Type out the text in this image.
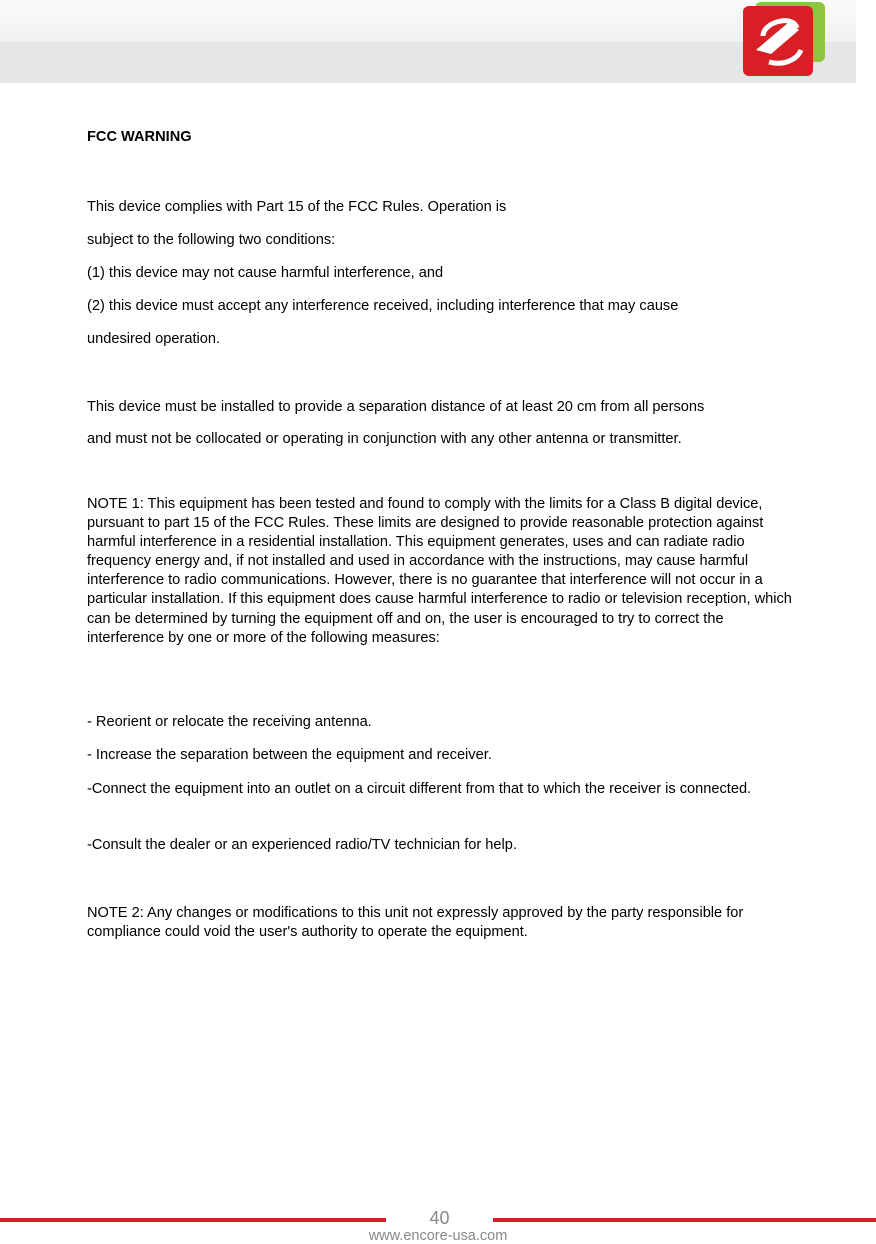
FCC WARNING

This device complies with Part 15 of the FCC Rules. Operation is

subject to the following two conditions:

(1) this device may not cause harmful interference, and

(2) this device must accept any interference received, including interference that may cause

undesired operation.

This device must be installed to provide a separation distance of at least 20 cm from all persons

and must not be collocated or operating in conjunction with any other antenna or transmitter.

NOTE 1: This equipment has been tested and found to comply with the limits for a Class B digital device, pursuant to part 15 of the FCC Rules. These limits are designed to provide reasonable protection against harmful interference in a residential installation. This equipment generates, uses and can radiate radio frequency energy and, if not installed and used in accordance with the instructions, may cause harmful interference to radio communications. However, there is no guarantee that interference will not occur in a particular installation. If this equipment does cause harmful interference to radio or television reception, which can be determined by turning the equipment off and on, the user is encouraged to try to correct the interference by one or more of the following measures:

- Reorient or relocate the receiving antenna.

- Increase the separation between the equipment and receiver.

-Connect the equipment into an outlet on a circuit different from that to which the receiver is connected.

-Consult the dealer or an experienced radio/TV technician for help.

NOTE 2: Any changes or modifications to this unit not expressly approved by the party responsible for compliance could void the user's authority to operate the equipment.

40
www.encore-usa.com
